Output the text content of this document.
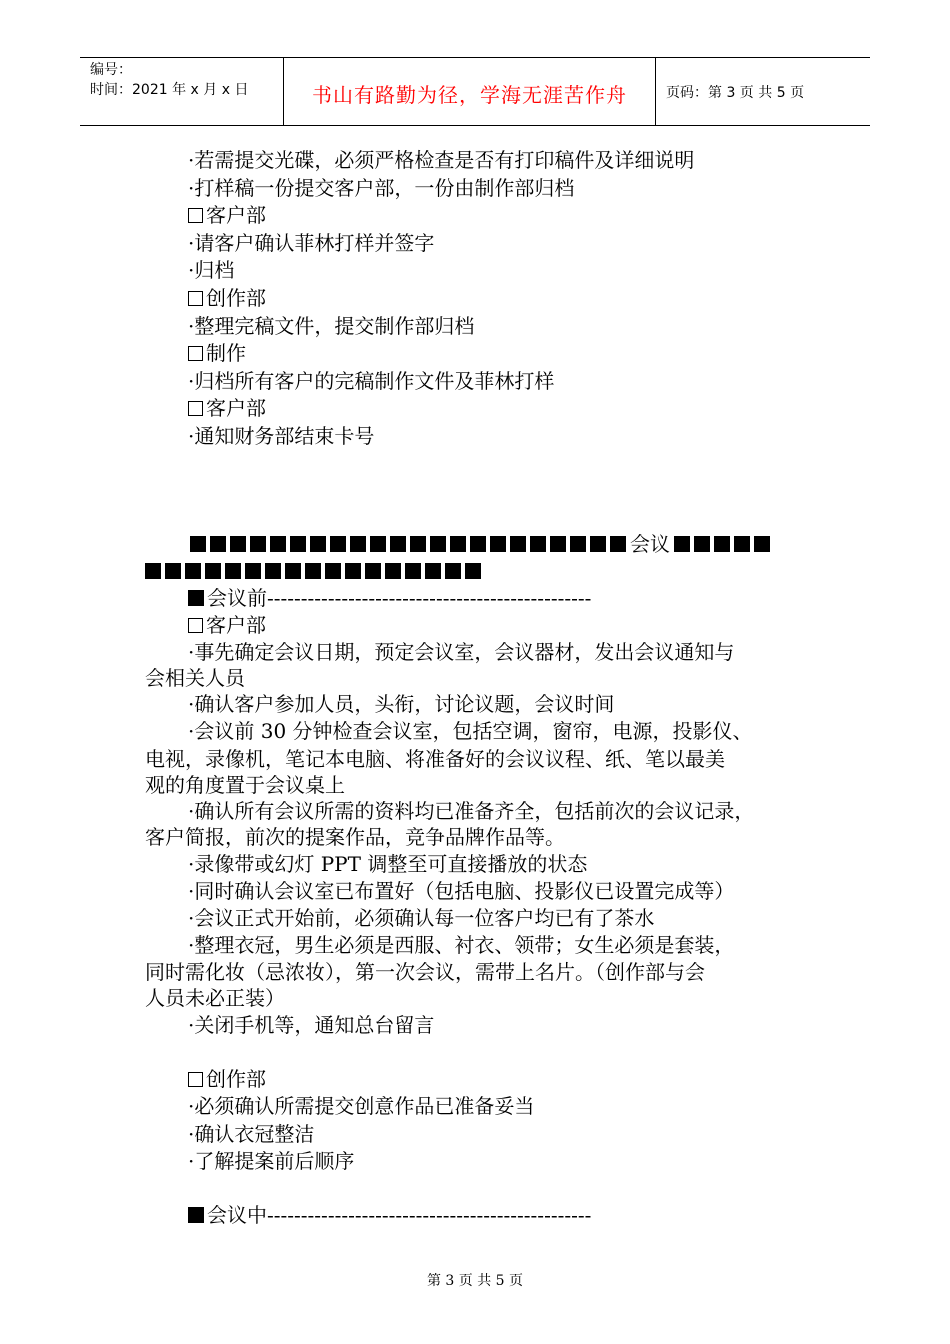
编号：
时间：2021 年 x 月 x 日	书山有路勤为径，学海无涯苦作舟	页码：第 3 页 共 5 页
·若需提交光碟，必须严格检查是否有打印稿件及详细说明
·打样稿一份提交客户部，一份由制作部归档
客户部
·请客户确认菲林打样并签字
·归档
创作部
·整理完稿文件，提交制作部归档
制作
·归档所有客户的完稿制作文件及菲林打样
客户部
·通知财务部结束卡号
会议
会议前------------------------------------------------
客户部
·事先确定会议日期，预定会议室，会议器材，发出会议通知与
会相关人员
·确认客户参加人员，头衔，讨论议题，会议时间
·会议前 30 分钟检查会议室，包括空调，窗帘，电源，投影仪、
电视，录像机，笔记本电脑、将准备好的会议议程、纸、笔以最美
观的角度置于会议桌上
·确认所有会议所需的资料均已准备齐全，包括前次的会议记录，
客户简报，前次的提案作品，竞争品牌作品等。
·录像带或幻灯 PPT 调整至可直接播放的状态
·同时确认会议室已布置好（包括电脑、投影仪已设置完成等）
·会议正式开始前，必须确认每一位客户均已有了茶水
·整理衣冠，男生必须是西服、衬衣、领带；女生必须是套装，
同时需化妆（忌浓妆），第一次会议，需带上名片。（创作部与会
人员未必正装）
·关闭手机等，通知总台留言
创作部
·必须确认所需提交创意作品已准备妥当
·确认衣冠整洁
·了解提案前后顺序
会议中------------------------------------------------
第 3 页 共 5 页
